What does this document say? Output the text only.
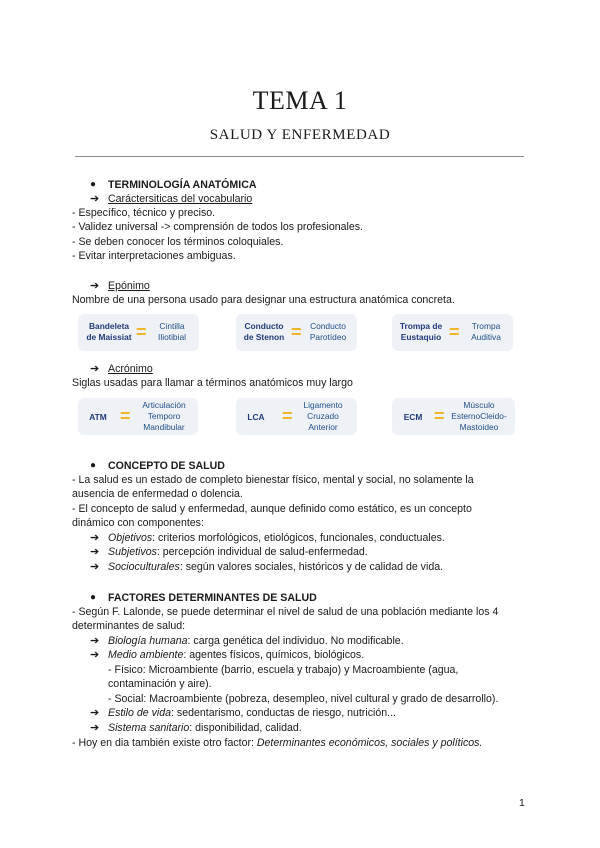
TEMA 1
SALUD Y ENFERMEDAD
● TERMINOLOGÍA ANATÓMICA
➔ Caráctersiticas del vocabulario
- Específico, técnico y preciso.
- Validez universal -> comprensión de todos los profesionales.
- Se deben conocer los términos coloquiales.
- Evitar interpretaciones ambiguas.
➔ Epónimo
Nombre de una persona usado para designar una estructura anatómica concreta.
Bandeleta
de Maissiat =	Cintilla
Iliotibial
Conducto
de Stenon =	Conducto
Parotídeo
Trompa de
Eustaquio =	Trompa
Auditiva
➔ Acrónimo
Siglas usadas para llamar a términos anatómicos muy largo
ATM =
Articulación
Temporo
Mandibular
LCA =
Ligamento
Cruzado
Anterior
ECM =
Músculo
EsternoCleido-
Mastoideo
● CONCEPTO DE SALUD
- La salud es un estado de completo bienestar físico, mental y social, no solamente la
ausencia de enfermedad o dolencia.
- El concepto de salud y enfermedad, aunque definido como estático, es un concepto
dinámico con componentes:
➔ Objetivos: criterios morfológicos, etiológicos, funcionales, conductuales.
➔ Subjetivos: percepción individual de salud-enfermedad.
➔ Socioculturales: según valores sociales, históricos y de calidad de vida.
● FACTORES DETERMINANTES DE SALUD
- Según F. Lalonde, se puede determinar el nivel de salud de una población mediante los 4
determinantes de salud:
➔ Biología humana: carga genética del individuo. No modificable.
➔ Medio ambiente: agentes físicos, químicos, biológicos.
- Físico: Microambiente (barrio, escuela y trabajo) y Macroambiente (agua,
contaminación y aire).
- Social: Macroambiente (pobreza, desempleo, nivel cultural y grado de desarrollo).
➔ Estilo de vida: sedentarismo, conductas de riesgo, nutrición...
➔ Sistema sanitario: disponibilidad, calidad.
- Hoy en dia también existe otro factor: Determinantes económicos, sociales y políticos.
1
